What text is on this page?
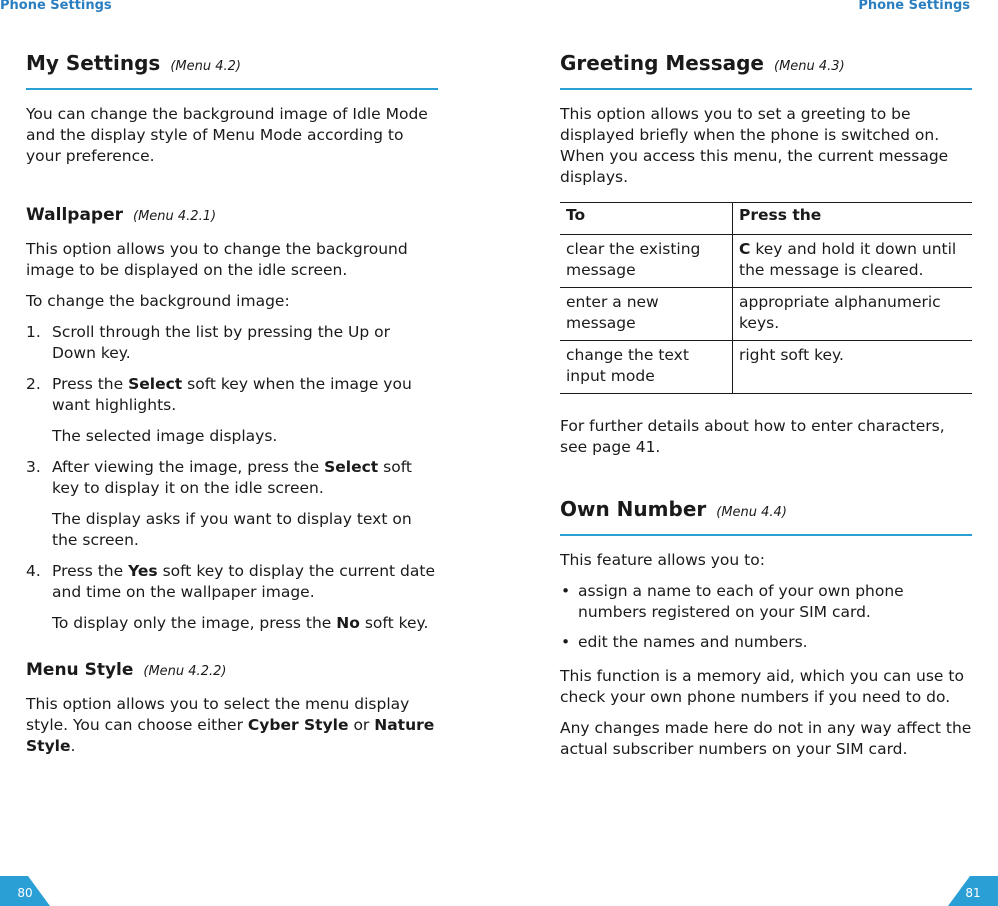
Phone Settings
My Settings (Menu 4.2)

You can change the background image of Idle Mode and the display style of Menu Mode according to your preference.

Wallpaper (Menu 4.2.1)

This option allows you to change the background image to be displayed on the idle screen.

To change the background image:

1. Scroll through the list by pressing the Up or Down key.
2. Press the Select soft key when the image you want highlights.
The selected image displays.
3. After viewing the image, press the Select soft key to display it on the idle screen.
The display asks if you want to display text on the screen.
4. Press the Yes soft key to display the current date and time on the wallpaper image.
To display only the image, press the No soft key.
Menu Style (Menu 4.2.2)

This option allows you to select the menu display style. You can choose either Cyber Style or Nature Style.

80
Phone Settings
Greeting Message (Menu 4.3)

This option allows you to set a greeting to be displayed briefly when the phone is switched on. When you access this menu, the current message displays.

To	Press the
clear the existing message	C key and hold it down until the message is cleared.
enter a new message	appropriate alphanumeric keys.
change the text input mode	right soft key.

For further details about how to enter characters, see page 41.

Own Number (Menu 4.4)

This feature allows you to:

• assign a name to each of your own phone numbers registered on your SIM card.
• edit the names and numbers.

This function is a memory aid, which you can use to check your own phone numbers if you need to do.

Any changes made here do not in any way affect the actual subscriber numbers on your SIM card.

81
